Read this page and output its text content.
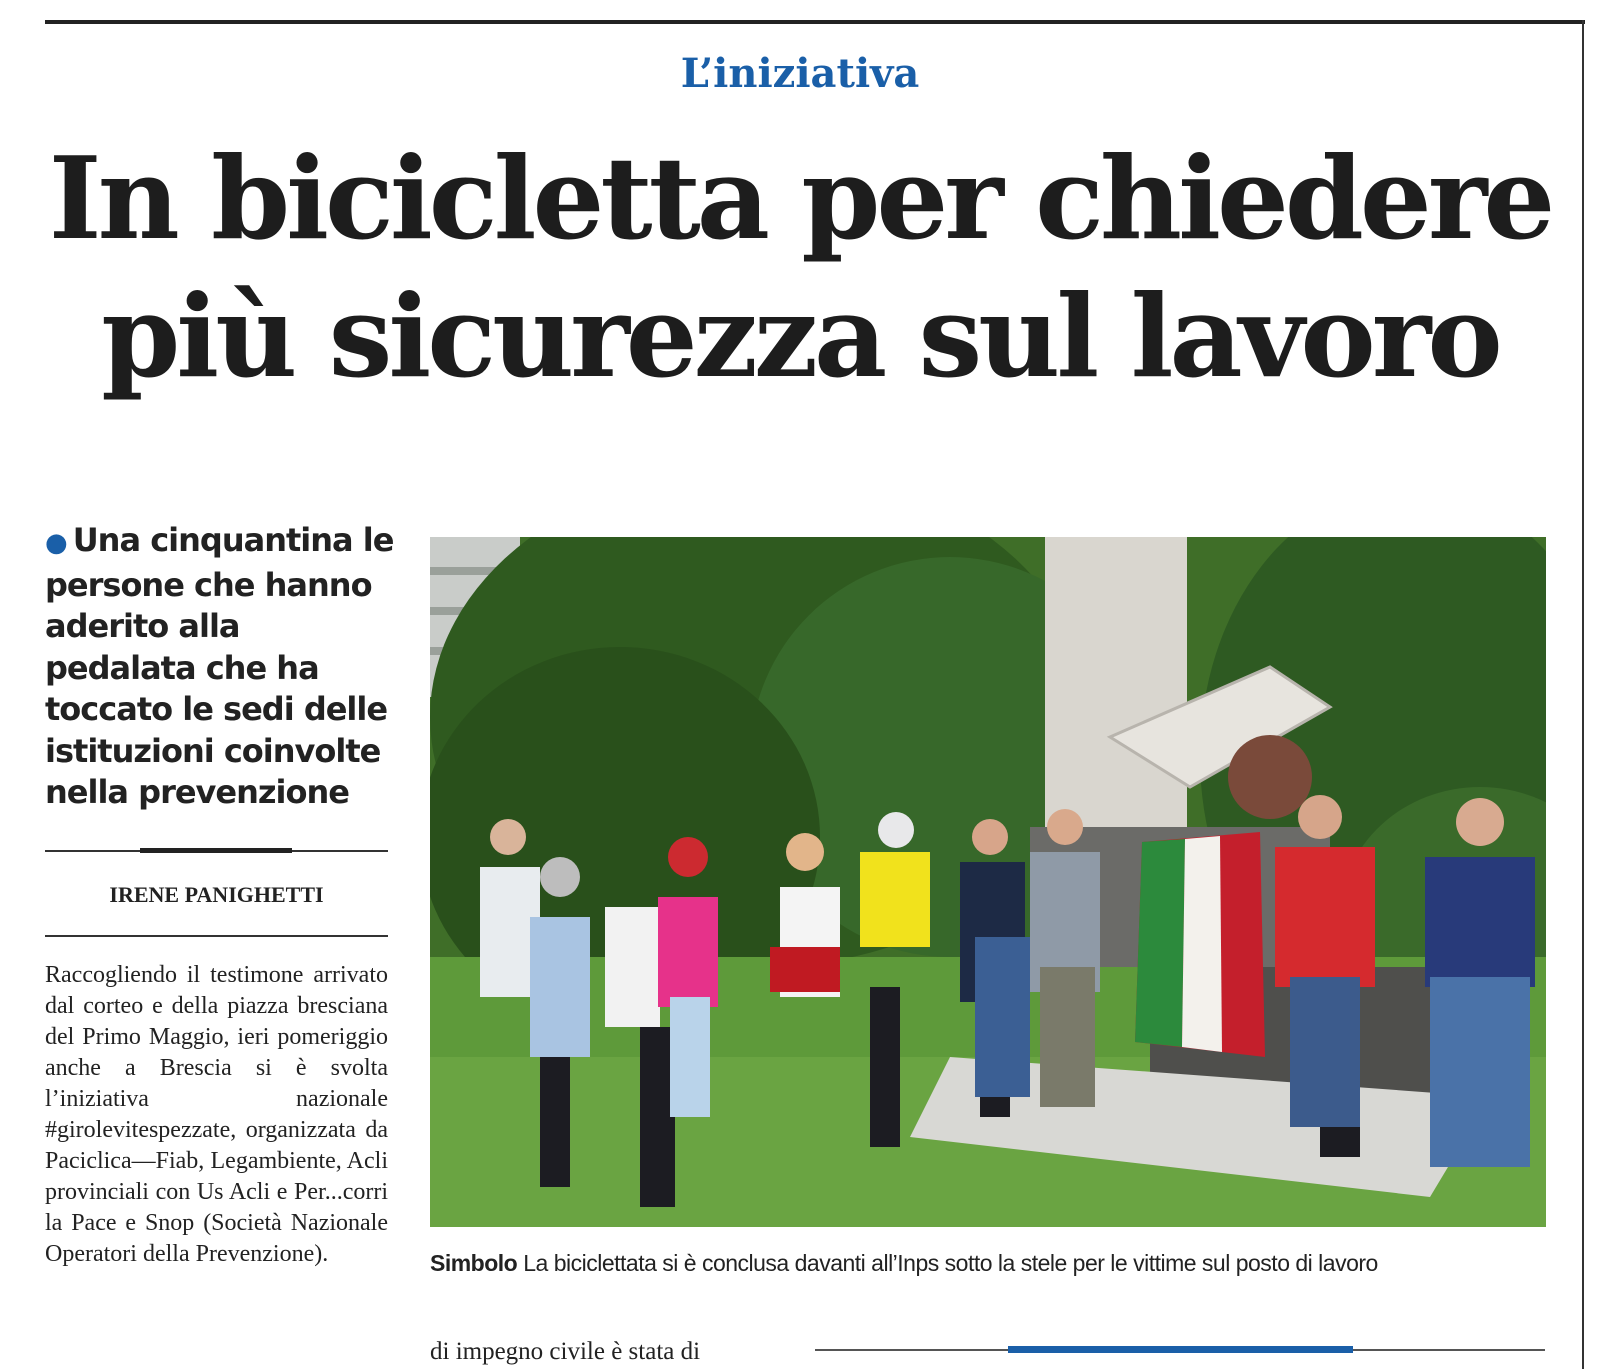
L’iniziativa
In bicicletta per chiedere più sicurezza sul lavoro
● Una cinquantina le persone che hanno aderito alla pedalata che ha toccato le sedi delle istituzioni coinvolte nella prevenzione
IRENE PANIGHETTI

Raccogliendo il testimone arrivato dal corteo e della piazza bresciana del Primo Maggio, ieri pomeriggio anche a Brescia si è svolta l’iniziativa nazionale #girolevitespezzate, organizzata da Paciclica—Fiab, Legambiente, Acli provinciali con Us Acli e Per...corri la Pace e Snop (Società Nazionale Operatori della Prevenzione).	Simbolo La biciclettata si è conclusa davanti all’Inps sotto la stele per le vittime sul posto di lavoro
di impegno civile è stata di
